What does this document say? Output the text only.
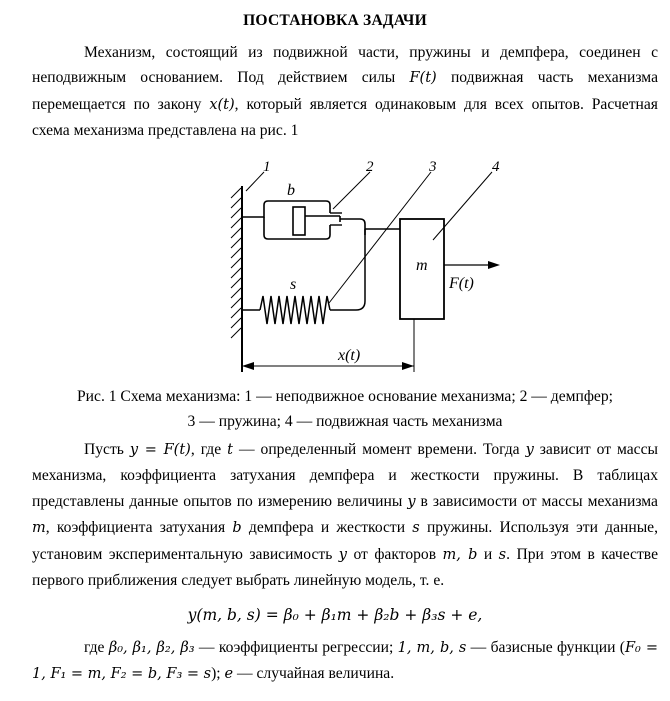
ПОСТАНОВКА ЗАДАЧИ

Механизм, состоящий из подвижной части, пружины и демпфера, соединен с неподвижным основанием. Под действием силы F(t) подвижная часть механизма перемещается по закону x(t), который является одинаковым для всех опытов. Расчетная схема механизма представлена на рис. 1

1	2	3	4
b
s
m
F(t)
x(t)
Рис. 1 Схема механизма: 1 — неподвижное основание механизма; 2 — демпфер;
3 — пружина; 4 — подвижная часть механизма

Пусть y = F(t), где t — определенный момент времени. Тогда y зависит от массы механизма, коэффициента затухания демпфера и жесткости пружины. В таблицах представлены данные опытов по измерению величины y в зависимости от массы механизма m, коэффициента затухания b демпфера и жесткости s пружины. Используя эти данные, установим экспериментальную зависимость y от факторов m, b и s. При этом в качестве первого приближения следует выбрать линейную модель, т. е.

y(m, b, s) = β₀ + β₁m + β₂b + β₃s + e,

где β₀, β₁, β₂, β₃ — коэффициенты регрессии; 1, m, b, s — базисные функции (F₀ = 1, F₁ = m, F₂ = b, F₃ = s); e — случайная величина.
